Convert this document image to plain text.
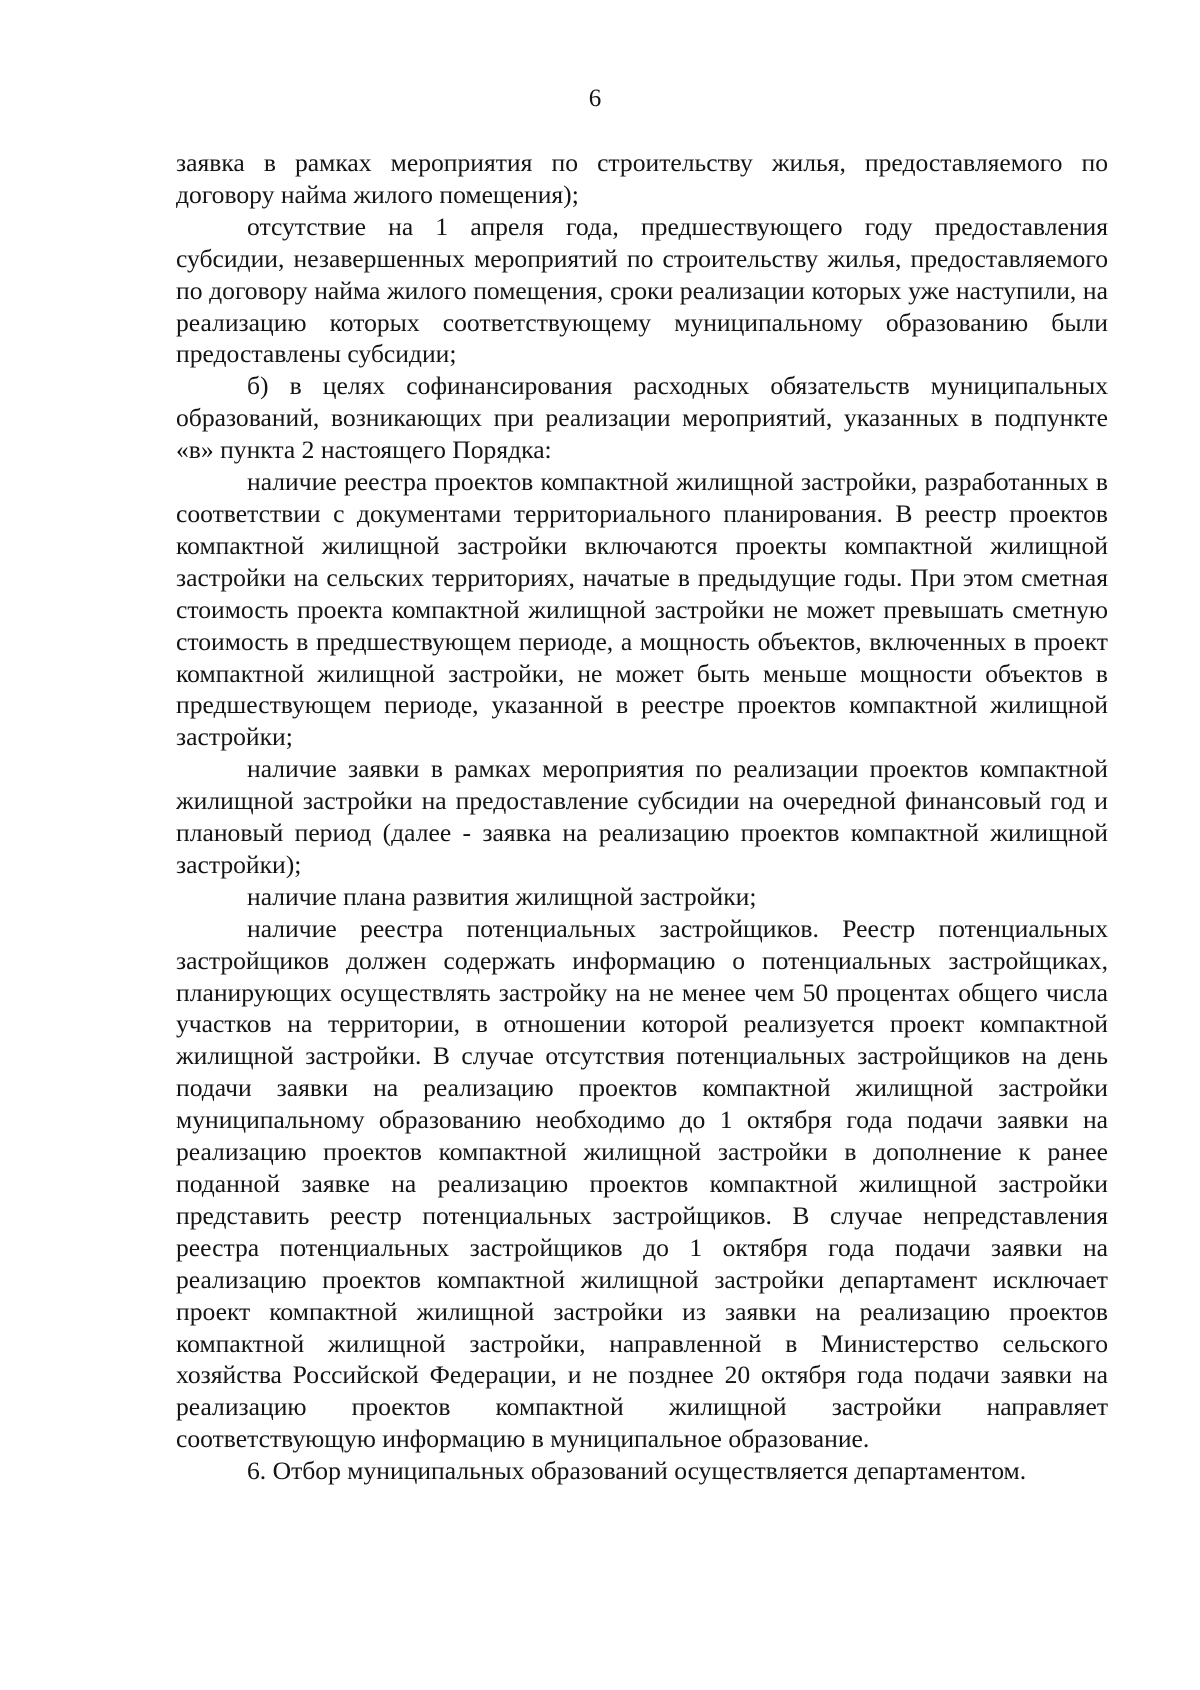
6

заявка в рамках мероприятия по строительству жилья, предоставляемого по договору найма жилого помещения);

отсутствие на 1 апреля года, предшествующего году предоставления субсидии, незавершенных мероприятий по строительству жилья, предоставляемого по договору найма жилого помещения, сроки реализации которых уже наступили, на реализацию которых соответствующему муниципальному образованию были предоставлены субсидии;

б) в целях софинансирования расходных обязательств муниципальных образований, возникающих при реализации мероприятий, указанных в подпункте «в» пункта 2 настоящего Порядка:

наличие реестра проектов компактной жилищной застройки, разработанных в соответствии с документами территориального планирования. В реестр проектов компактной жилищной застройки включаются проекты компактной жилищной застройки на сельских территориях, начатые в предыдущие годы. При этом сметная стоимость проекта компактной жилищной застройки не может превышать сметную стоимость в предшествующем периоде, а мощность объектов, включенных в проект компактной жилищной застройки, не может быть меньше мощности объектов в предшествующем периоде, указанной в реестре проектов компактной жилищной застройки;

наличие заявки в рамках мероприятия по реализации проектов компактной жилищной застройки на предоставление субсидии на очередной финансовый год и плановый период (далее - заявка на реализацию проектов компактной жилищной застройки);

наличие плана развития жилищной застройки;

наличие реестра потенциальных застройщиков. Реестр потенциальных застройщиков должен содержать информацию о потенциальных застройщиках, планирующих осуществлять застройку на не менее чем 50 процентах общего числа участков на территории, в отношении которой реализуется проект компактной жилищной застройки. В случае отсутствия потенциальных застройщиков на день подачи заявки на реализацию проектов компактной жилищной застройки муниципальному образованию необходимо до 1 октября года подачи заявки на реализацию проектов компактной жилищной застройки в дополнение к ранее поданной заявке на реализацию проектов компактной жилищной застройки представить реестр потенциальных застройщиков. В случае непредставления реестра потенциальных застройщиков до 1 октября года подачи заявки на реализацию проектов компактной жилищной застройки департамент исключает проект компактной жилищной застройки из заявки на реализацию проектов компактной жилищной застройки, направленной в Министерство сельского хозяйства Российской Федерации, и не позднее 20 октября года подачи заявки на реализацию проектов компактной жилищной застройки направляет соответствующую информацию в муниципальное образование.

6. Отбор муниципальных образований осуществляется департаментом.
